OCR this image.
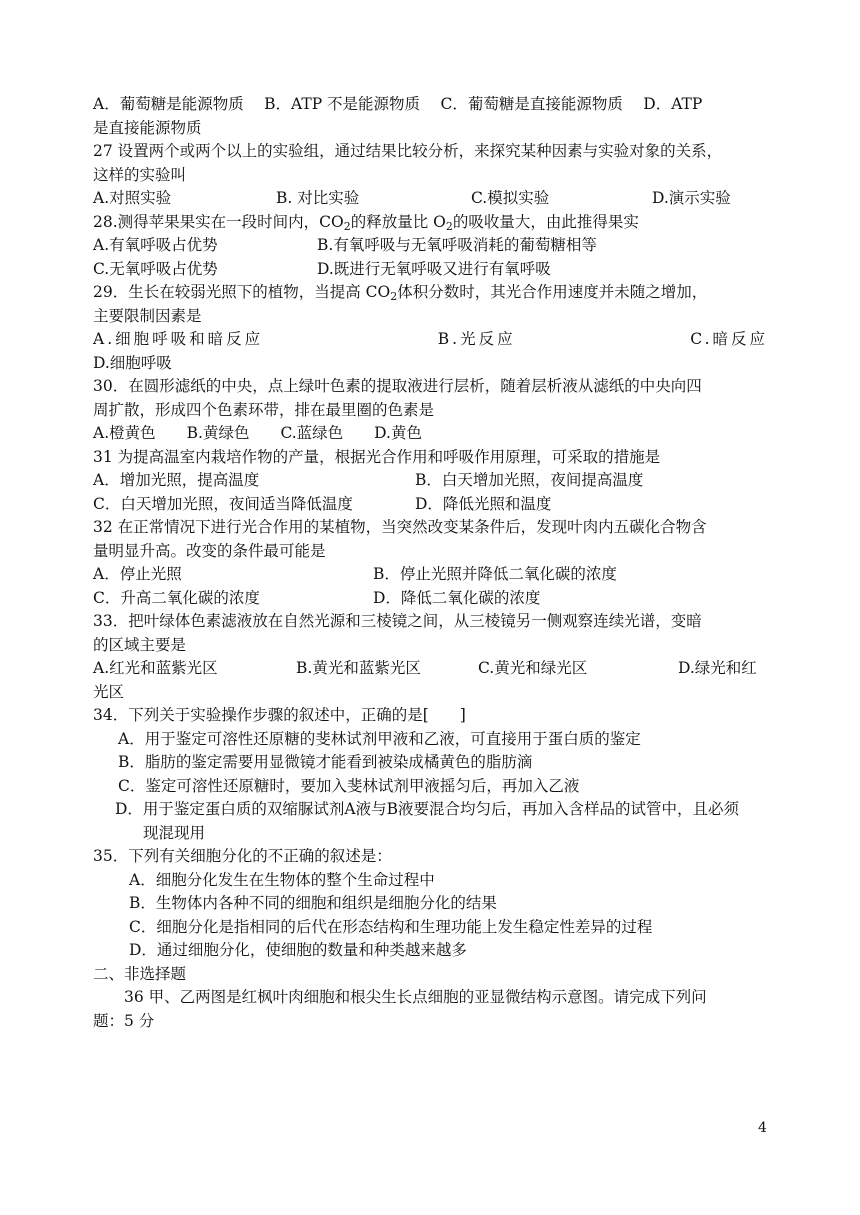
A．葡萄糖是能源物质　 B．ATP 不是能源物质　 C．葡萄糖是直接能源物质　 D．ATP
是直接能源物质
27 设置两个或两个以上的实验组，通过结果比较分析，来探究某种因素与实验对象的关系，
这样的实验叫
A.对照实验	B. 对比实验	C.模拟实验	D.演示实验
28.测得苹果果实在一段时间内，$CO_2$的释放量比 $O_2$的吸收量大，由此推得果实
A.有氧呼吸占优势	B.有氧呼吸与无氧呼吸消耗的葡萄糖相等
C.无氧呼吸占优势	D.既进行无氧呼吸又进行有氧呼吸
29．生长在较弱光照下的植物，当提高 $CO_2$体积分数时，其光合作用速度并未随之增加，
主要限制因素是
A.细胞呼吸和暗反应	B.光反应	C.暗反应
D.细胞呼吸
30．在圆形滤纸的中央，点上绿叶色素的提取液进行层析，随着层析液从滤纸的中央向四
周扩散，形成四个色素环带，排在最里圈的色素是
A.橙黄色　　B.黄绿色　　C.蓝绿色　　D.黄色
31 为提高温室内栽培作物的产量，根据光合作用和呼吸作用原理，可采取的措施是
A．增加光照，提高温度	B．白天增加光照，夜间提高温度
C．白天增加光照，夜间适当降低温度	D．降低光照和温度
32 在正常情况下进行光合作用的某植物，当突然改变某条件后，发现叶肉内五碳化合物含
量明显升高。改变的条件最可能是
A．停止光照	B．停止光照并降低二氧化碳的浓度
C．升高二氧化碳的浓度	D．降低二氧化碳的浓度
33．把叶绿体色素滤液放在自然光源和三棱镜之间，从三棱镜另一侧观察连续光谱，变暗
的区域主要是
A.红光和蓝紫光区	B.黄光和蓝紫光区	C.黄光和绿光区	D.绿光和红
光区
34．下列关于实验操作步骤的叙述中，正确的是[　　]
A．用于鉴定可溶性还原糖的斐林试剂甲液和乙液，可直接用于蛋白质的鉴定
B．脂肪的鉴定需要用显微镜才能看到被染成橘黄色的脂肪滴
C．鉴定可溶性还原糖时，要加入斐林试剂甲液摇匀后，再加入乙液
D．用于鉴定蛋白质的双缩脲试剂A液与B液要混合均匀后，再加入含样品的试管中，且必须
现混现用
35．下列有关细胞分化的不正确的叙述是：
A．细胞分化发生在生物体的整个生命过程中
B．生物体内各种不同的细胞和组织是细胞分化的结果
C．细胞分化是指相同的后代在形态结构和生理功能上发生稳定性差异的过程
D．通过细胞分化，使细胞的数量和种类越来越多
二、非选择题
36 甲、乙两图是红枫叶肉细胞和根尖生长点细胞的亚显微结构示意图。请完成下列问
题：5 分
4
